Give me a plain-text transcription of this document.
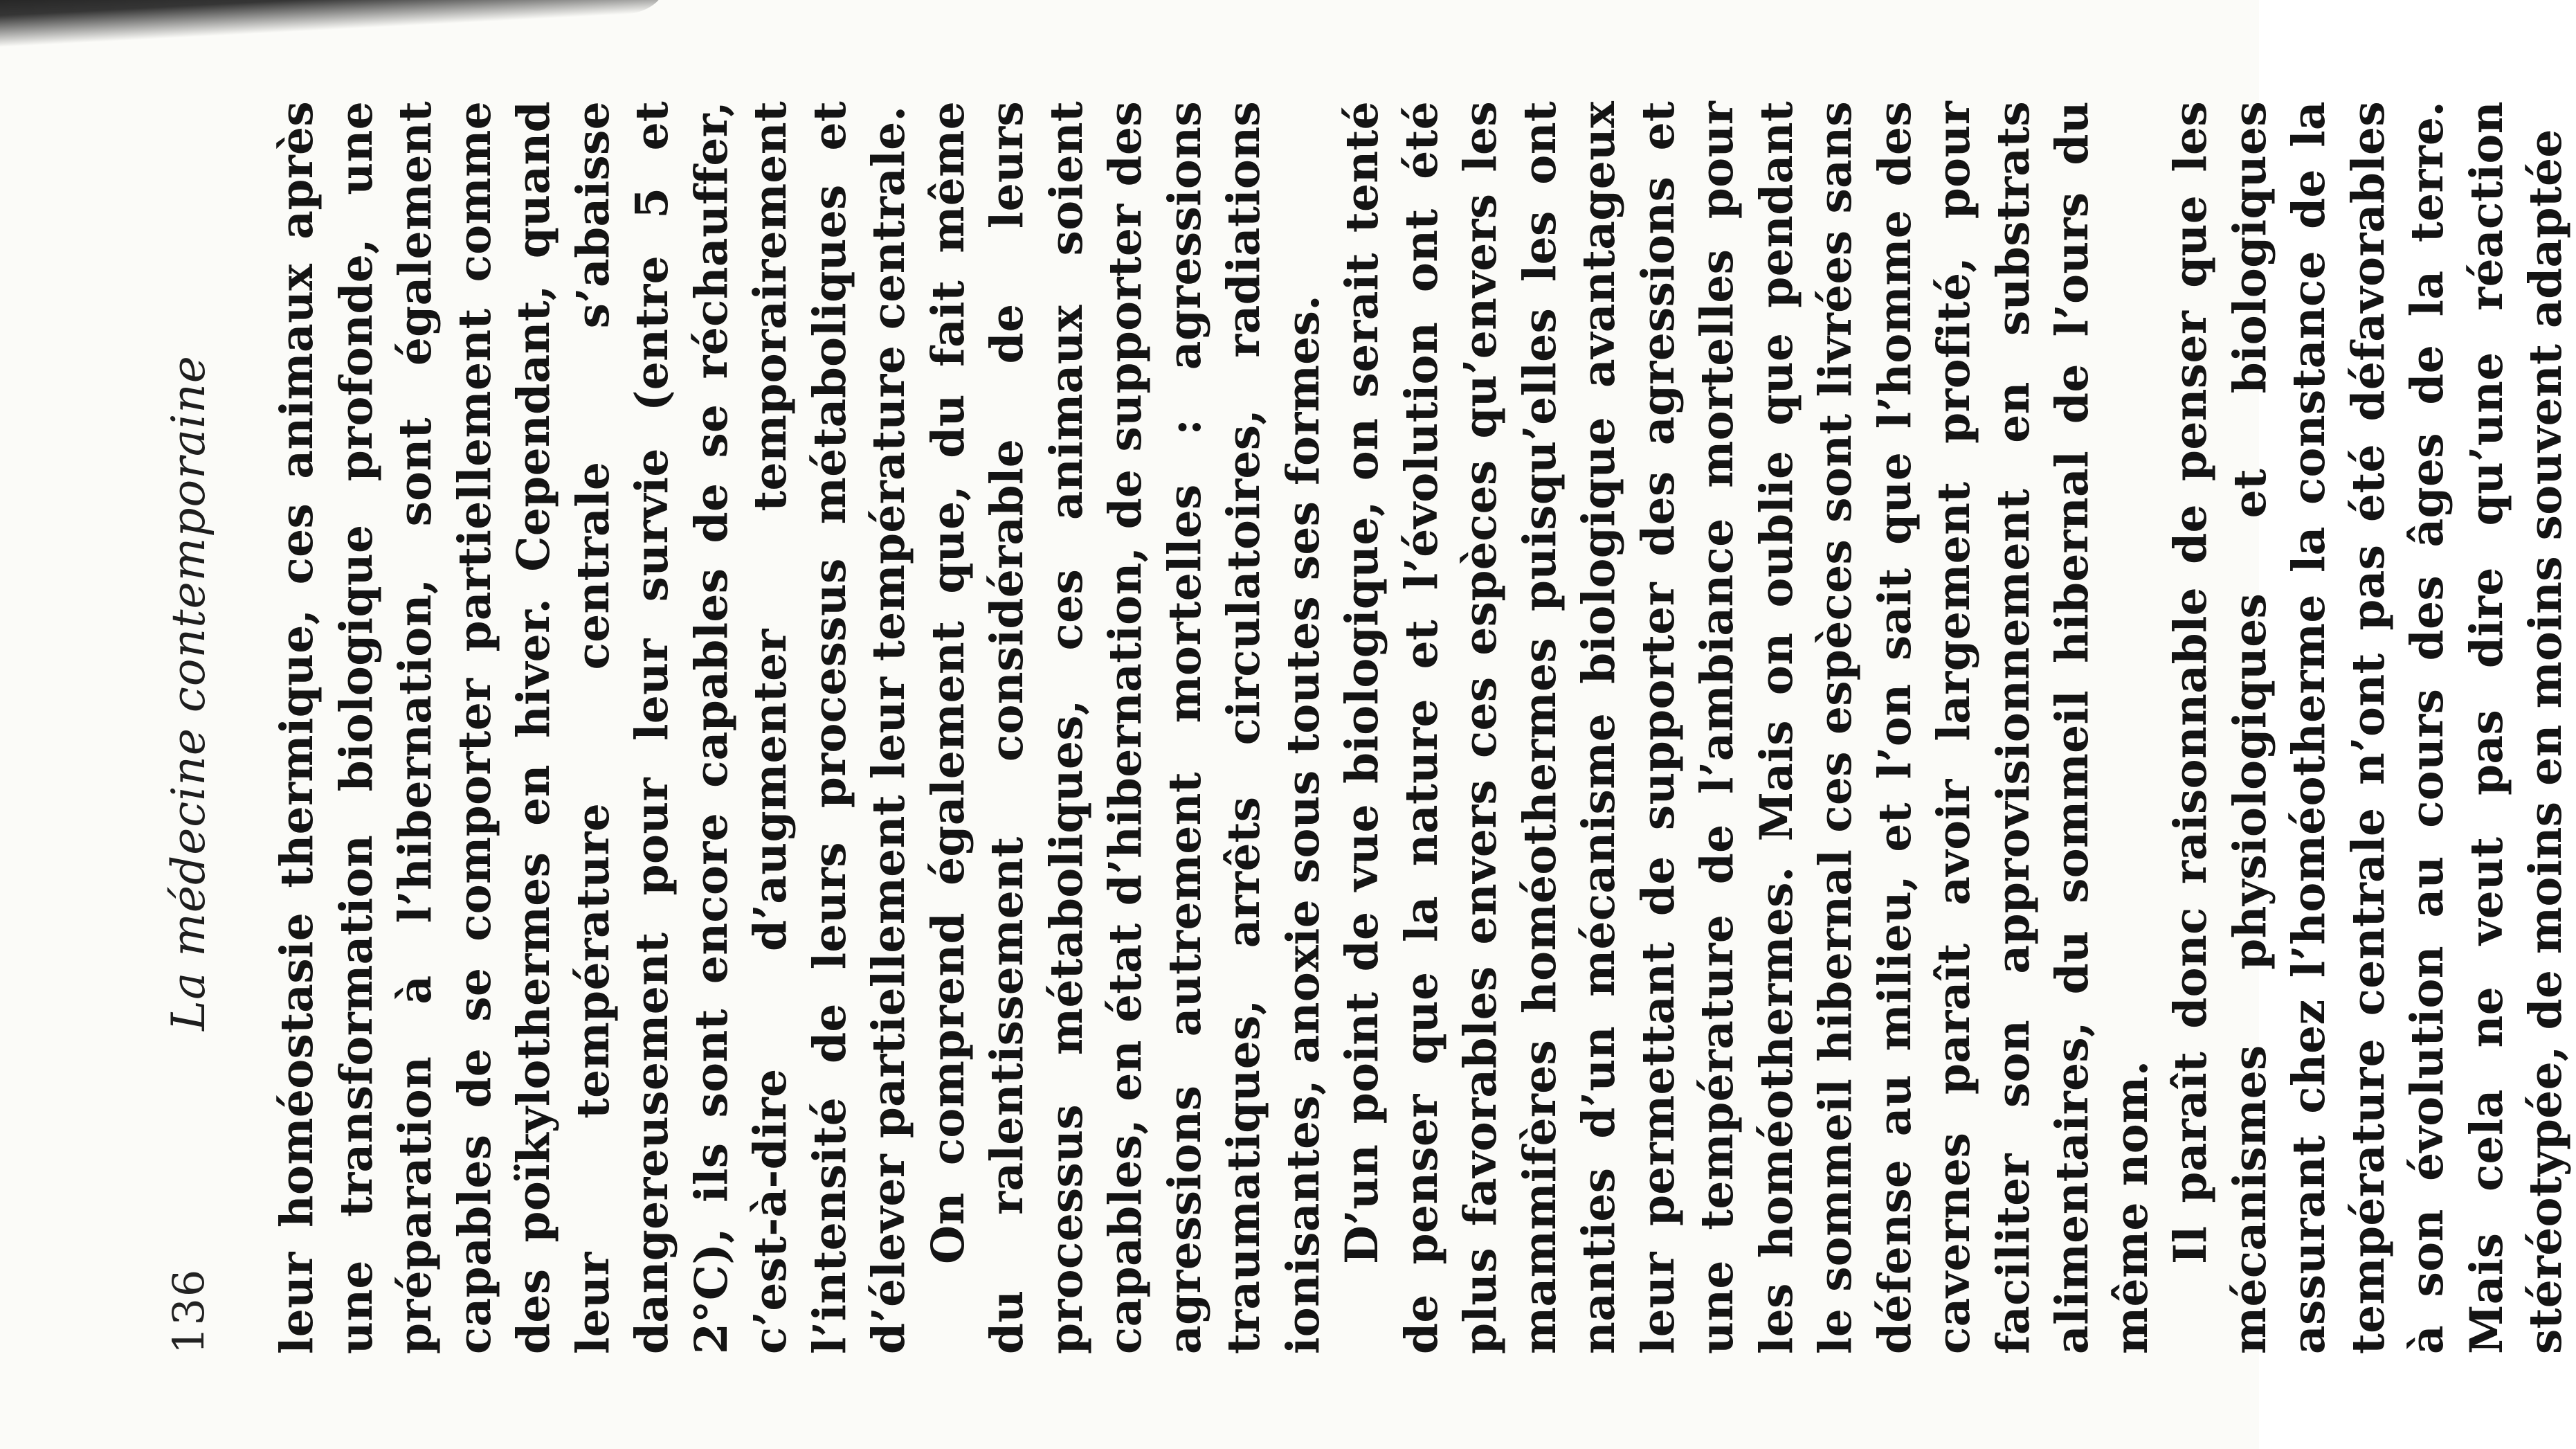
136
La médecine contemporaine leur homéostasie thermique, ces animaux après une transformation biologique profonde, une préparation à l’hibernation, sont également capables de se comporter partiellement comme des poïkylothermes en hiver. Cependant, quand leur température centrale s’abaisse dangereusement pour leur survie (entre 5 et 2°C), ils sont encore capables de se réchauffer, c’est-à-dire d’augmenter temporairement l’intensité de leurs processus métaboliques et d’élever partiellement leur température centrale. On comprend également que, du fait même du ralentissement considérable de leurs processus métaboliques, ces animaux soient capables, en état d’hibernation, de supporter des agressions autrement mortelles : agressions traumatiques, arrêts circulatoires, radiations ionisantes, anoxie sous toutes ses formes. D’un point de vue biologique, on serait tenté de penser que la nature et l’évolution ont été plus favorables envers ces espèces qu’envers les mammifères homéothermes puisqu’elles les ont nanties d’un mécanisme biologique avantageux leur permettant de supporter des agressions et une température de l’ambiance mortelles pour les homéothermes. Mais on oublie que pendant le sommeil hibernal ces espèces sont livrées sans défense au milieu, et l’on sait que l’homme des cavernes paraît avoir largement profité, pour faciliter son approvisionnement en substrats alimentaires, du sommeil hibernal de l’ours du même nom. Il paraît donc raisonnable de penser que les mécanismes physiologiques et biologiques assurant chez l’homéotherme la constance de la température centrale n’ont pas été défavorables à son évolution au cours des âges de la terre. Mais cela ne veut pas dire qu’une réaction stéréotypée, de moins en moins souvent adaptée
